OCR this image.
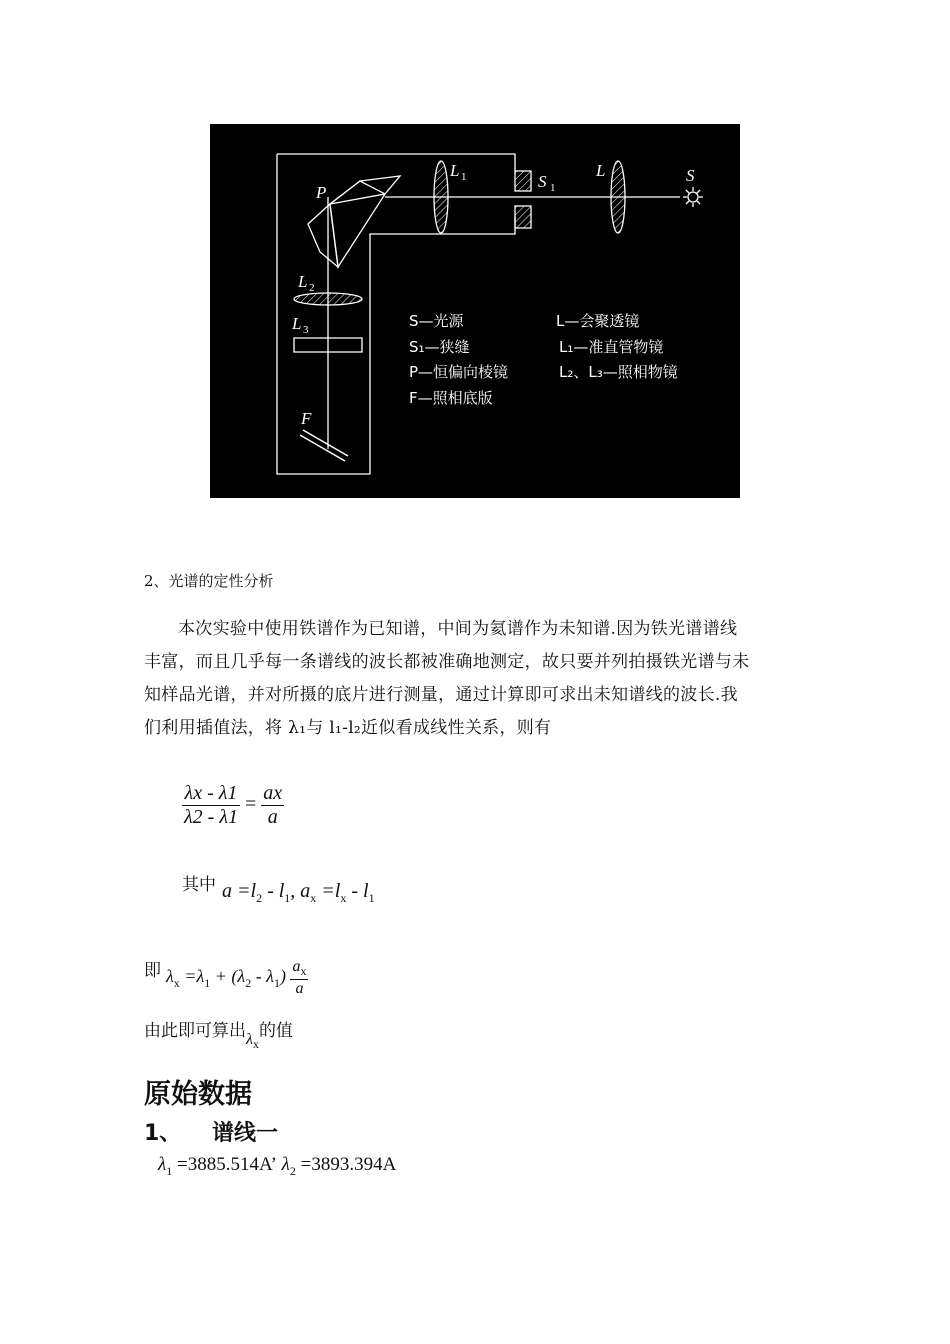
P
L 1	S 1
L	S
L 2
L 3
F
S—光源
S₁—狭缝
P—恒偏向棱镜
F—照相底版
L—会聚透镜
L₁—准直管物镜
L₂、L₃—照相物镜
2、光谱的定性分析
本次实验中使用铁谱作为已知谱，中间为氦谱作为未知谱.因为铁光谱谱线
丰富，而且几乎每一条谱线的波长都被准确地测定，故只要并列拍摄铁光谱与未
知样品光谱，并对所摄的底片进行测量，通过计算即可求出未知谱线的波长.我
们利用插值法，将 λ₁与 l₁-l₂近似看成线性关系，则有
$\frac{\lambda x - \lambda 1}{\lambda 2 - \lambda 1} = \frac{ax}{a}$
其中 $a =l_2 - l_1$, $a_x =l_x - l_1$
即 $\lambda_x =\lambda_1 + (\lambda_2 - \lambda_1) \frac{a_x}{a}$
由此即可算出$\lambda_x$的值
原始数据
1、 谱线一
$\lambda_1 =3885.514A$’ $\lambda_2 =3893.394A$
